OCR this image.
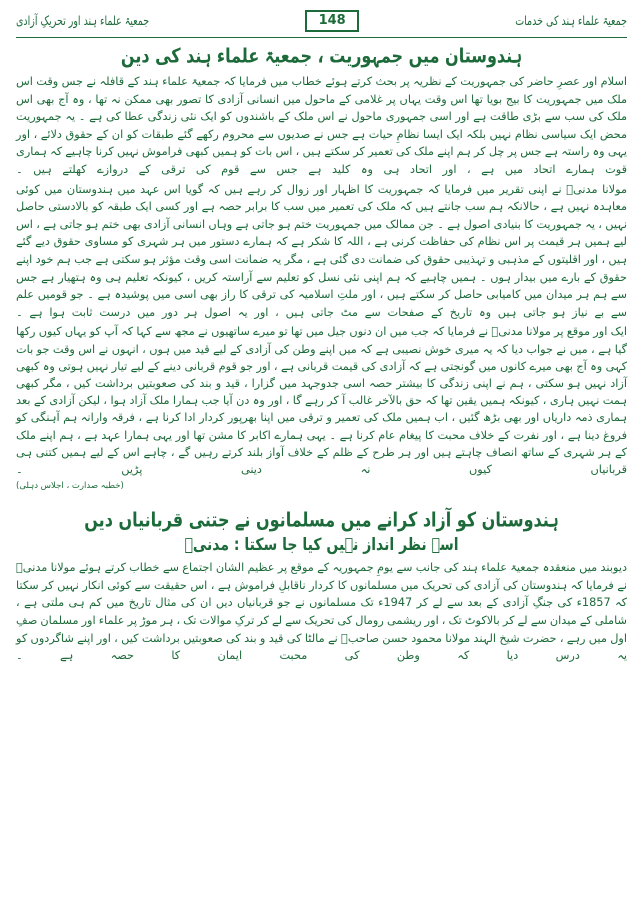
جمعیۃ علماء ہند کی خدمات
148
جمعیۃ علماء ہند اور تحریکِ آزادی
ہندوستان میں جمہوریت ، جمعیۃ علماء ہند کی دین

اسلام اور عصرِ حاضر کی جمہوریت کے نظریہ پر بحث کرتے ہوئے خطاب میں فرمایا کہ جمعیۃ علماء ہند کے قافلہ نے جس وقت اس ملک میں جمہوریت کا بیج بویا تھا اس وقت یہاں پر غلامی کے ماحول میں انسانی آزادی کا تصور بھی ممکن نہ تھا ، وہ آج بھی اس ملک کی سب سے بڑی طاقت ہے اور اسی جمہوری ماحول نے اس ملک کے باشندوں کو ایک نئی زندگی عطا کی ہے ۔ یہ جمہوریت محض ایک سیاسی نظام نہیں بلکہ ایک ایسا نظامِ حیات ہے جس نے صدیوں سے محروم رکھے گئے طبقات کو ان کے حقوق دلائے ، اور یہی وہ راستہ ہے جس پر چل کر ہم اپنے ملک کی تعمیر کر سکتے ہیں ، اس بات کو ہمیں کبھی فراموش نہیں کرنا چاہیے کہ ہماری قوت ہمارے اتحاد میں ہے ، اور اتحاد ہی وہ کلید ہے جس سے قوم کی ترقی کے دروازے کھلتے ہیں ۔

مولانا مدنیؒ نے اپنی تقریر میں فرمایا کہ جمہوریت کا اظہار اور زوال کر رہے ہیں کہ گویا اس عہد میں ہندوستان میں کوئی معاہدہ نہیں ہے ، حالانکہ ہم سب جانتے ہیں کہ ملک کی تعمیر میں سب کا برابر حصہ ہے اور کسی ایک طبقہ کو بالادستی حاصل نہیں ، یہ جمہوریت کا بنیادی اصول ہے ۔ جن ممالک میں جمہوریت ختم ہو جاتی ہے وہاں انسانی آزادی بھی ختم ہو جاتی ہے ، اس لیے ہمیں ہر قیمت پر اس نظام کی حفاظت کرنی ہے ، اللہ کا شکر ہے کہ ہمارے دستور میں ہر شہری کو مساوی حقوق دیے گئے ہیں ، اور اقلیتوں کے مذہبی و تہذیبی حقوق کی ضمانت دی گئی ہے ، مگر یہ ضمانت اسی وقت مؤثر ہو سکتی ہے جب ہم خود اپنے حقوق کے بارے میں بیدار ہوں ۔ ہمیں چاہیے کہ ہم اپنی نئی نسل کو تعلیم سے آراستہ کریں ، کیونکہ تعلیم ہی وہ ہتھیار ہے جس سے ہم ہر میدان میں کامیابی حاصل کر سکتے ہیں ، اور ملتِ اسلامیہ کی ترقی کا راز بھی اسی میں پوشیدہ ہے ۔ جو قومیں علم سے بے نیاز ہو جاتی ہیں وہ تاریخ کے صفحات سے مٹ جاتی ہیں ، اور یہ اصول ہر دور میں درست ثابت ہوا ہے ۔

ایک اور موقع پر مولانا مدنیؒ نے فرمایا کہ جب میں ان دنوں جیل میں تھا تو میرے ساتھیوں نے مجھ سے کہا کہ آپ کو یہاں کیوں رکھا گیا ہے ، میں نے جواب دیا کہ یہ میری خوش نصیبی ہے کہ میں اپنے وطن کی آزادی کے لیے قید میں ہوں ، انہوں نے اس وقت جو بات کہی وہ آج بھی میرے کانوں میں گونجتی ہے کہ آزادی کی قیمت قربانی ہے ، اور جو قوم قربانی دینے کے لیے تیار نہیں ہوتی وہ کبھی آزاد نہیں ہو سکتی ، ہم نے اپنی زندگی کا بیشتر حصہ اسی جدوجہد میں گزارا ، قید و بند کی صعوبتیں برداشت کیں ، مگر کبھی ہمت نہیں ہاری ، کیونکہ ہمیں یقین تھا کہ حق بالآخر غالب آ کر رہے گا ، اور وہ دن آیا جب ہمارا ملک آزاد ہوا ، لیکن آزادی کے بعد ہماری ذمہ داریاں اور بھی بڑھ گئیں ، اب ہمیں ملک کی تعمیر و ترقی میں اپنا بھرپور کردار ادا کرنا ہے ، فرقہ وارانہ ہم آہنگی کو فروغ دینا ہے ، اور نفرت کے خلاف محبت کا پیغام عام کرنا ہے ۔ یہی ہمارے اکابر کا مشن تھا اور یہی ہمارا عہد ہے ، ہم اپنے ملک کے ہر شہری کے ساتھ انصاف چاہتے ہیں اور ہر طرح کے ظلم کے خلاف آواز بلند کرتے رہیں گے ، چاہے اس کے لیے ہمیں کتنی ہی قربانیاں کیوں نہ دینی پڑیں ۔

(خطبہ صدارت ، اجلاس دہلی)
ہندوستان کو آزاد کرانے میں مسلمانوں نے جتنی قربانیاں دیں
اسے نظر انداز نہیں کیا جا سکتا : مدنیؒ

دیوبند میں منعقدہ جمعیۃ علماء ہند کی جانب سے یومِ جمہوریہ کے موقع پر عظیم الشان اجتماع سے خطاب کرتے ہوئے مولانا مدنیؒ نے فرمایا کہ ہندوستان کی آزادی کی تحریک میں مسلمانوں کا کردار ناقابلِ فراموش ہے ، اس حقیقت سے کوئی انکار نہیں کر سکتا کہ 1857ء کی جنگِ آزادی کے بعد سے لے کر 1947ء تک مسلمانوں نے جو قربانیاں دیں ان کی مثال تاریخ میں کم ہی ملتی ہے ، شاملی کے میدان سے لے کر بالاکوٹ تک ، اور ریشمی رومال کی تحریک سے لے کر ترکِ موالات تک ، ہر موڑ پر علماء اور مسلمان صفِ اول میں رہے ، حضرت شیخ الہند مولانا محمود حسن صاحبؒ نے مالٹا کی قید و بند کی صعوبتیں برداشت کیں ، اور اپنے شاگردوں کو یہ درس دیا کہ وطن کی محبت ایمان کا حصہ ہے ۔
